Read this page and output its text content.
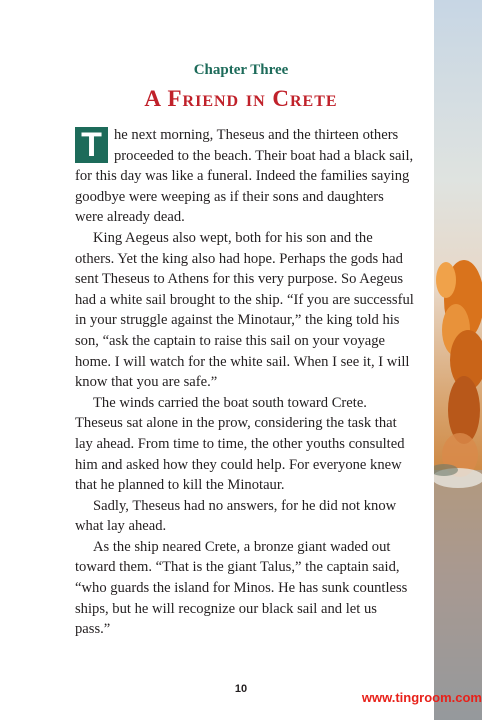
Chapter Three
A Friend in Crete

T he next morning, Theseus and the thirteen others proceeded to the beach. Their boat had a black sail, for this day was like a funeral. Indeed the families saying goodbye were weeping as if their sons and daughters were already dead.

King Aegeus also wept, both for his son and the others. Yet the king also had hope. Perhaps the gods had sent Theseus to Athens for this very purpose. So Aegeus had a white sail brought to the ship. “If you are successful in your struggle against the Minotaur,” the king told his son, “ask the captain to raise this sail on your voyage home. I will watch for the white sail. When I see it, I will know that you are safe.”

The winds carried the boat south toward Crete. Theseus sat alone in the prow, considering the task that lay ahead. From time to time, the other youths consulted him and asked how they could help. For everyone knew that he planned to kill the Minotaur.

Sadly, Theseus had no answers, for he did not know what lay ahead.

As the ship neared Crete, a bronze giant waded out toward them. “That is the giant Talus,” the captain said, “who guards the island for Minos. He has sunk countless ships, but he will recognize our black sail and let us pass.”

10
www.tingroom.com
